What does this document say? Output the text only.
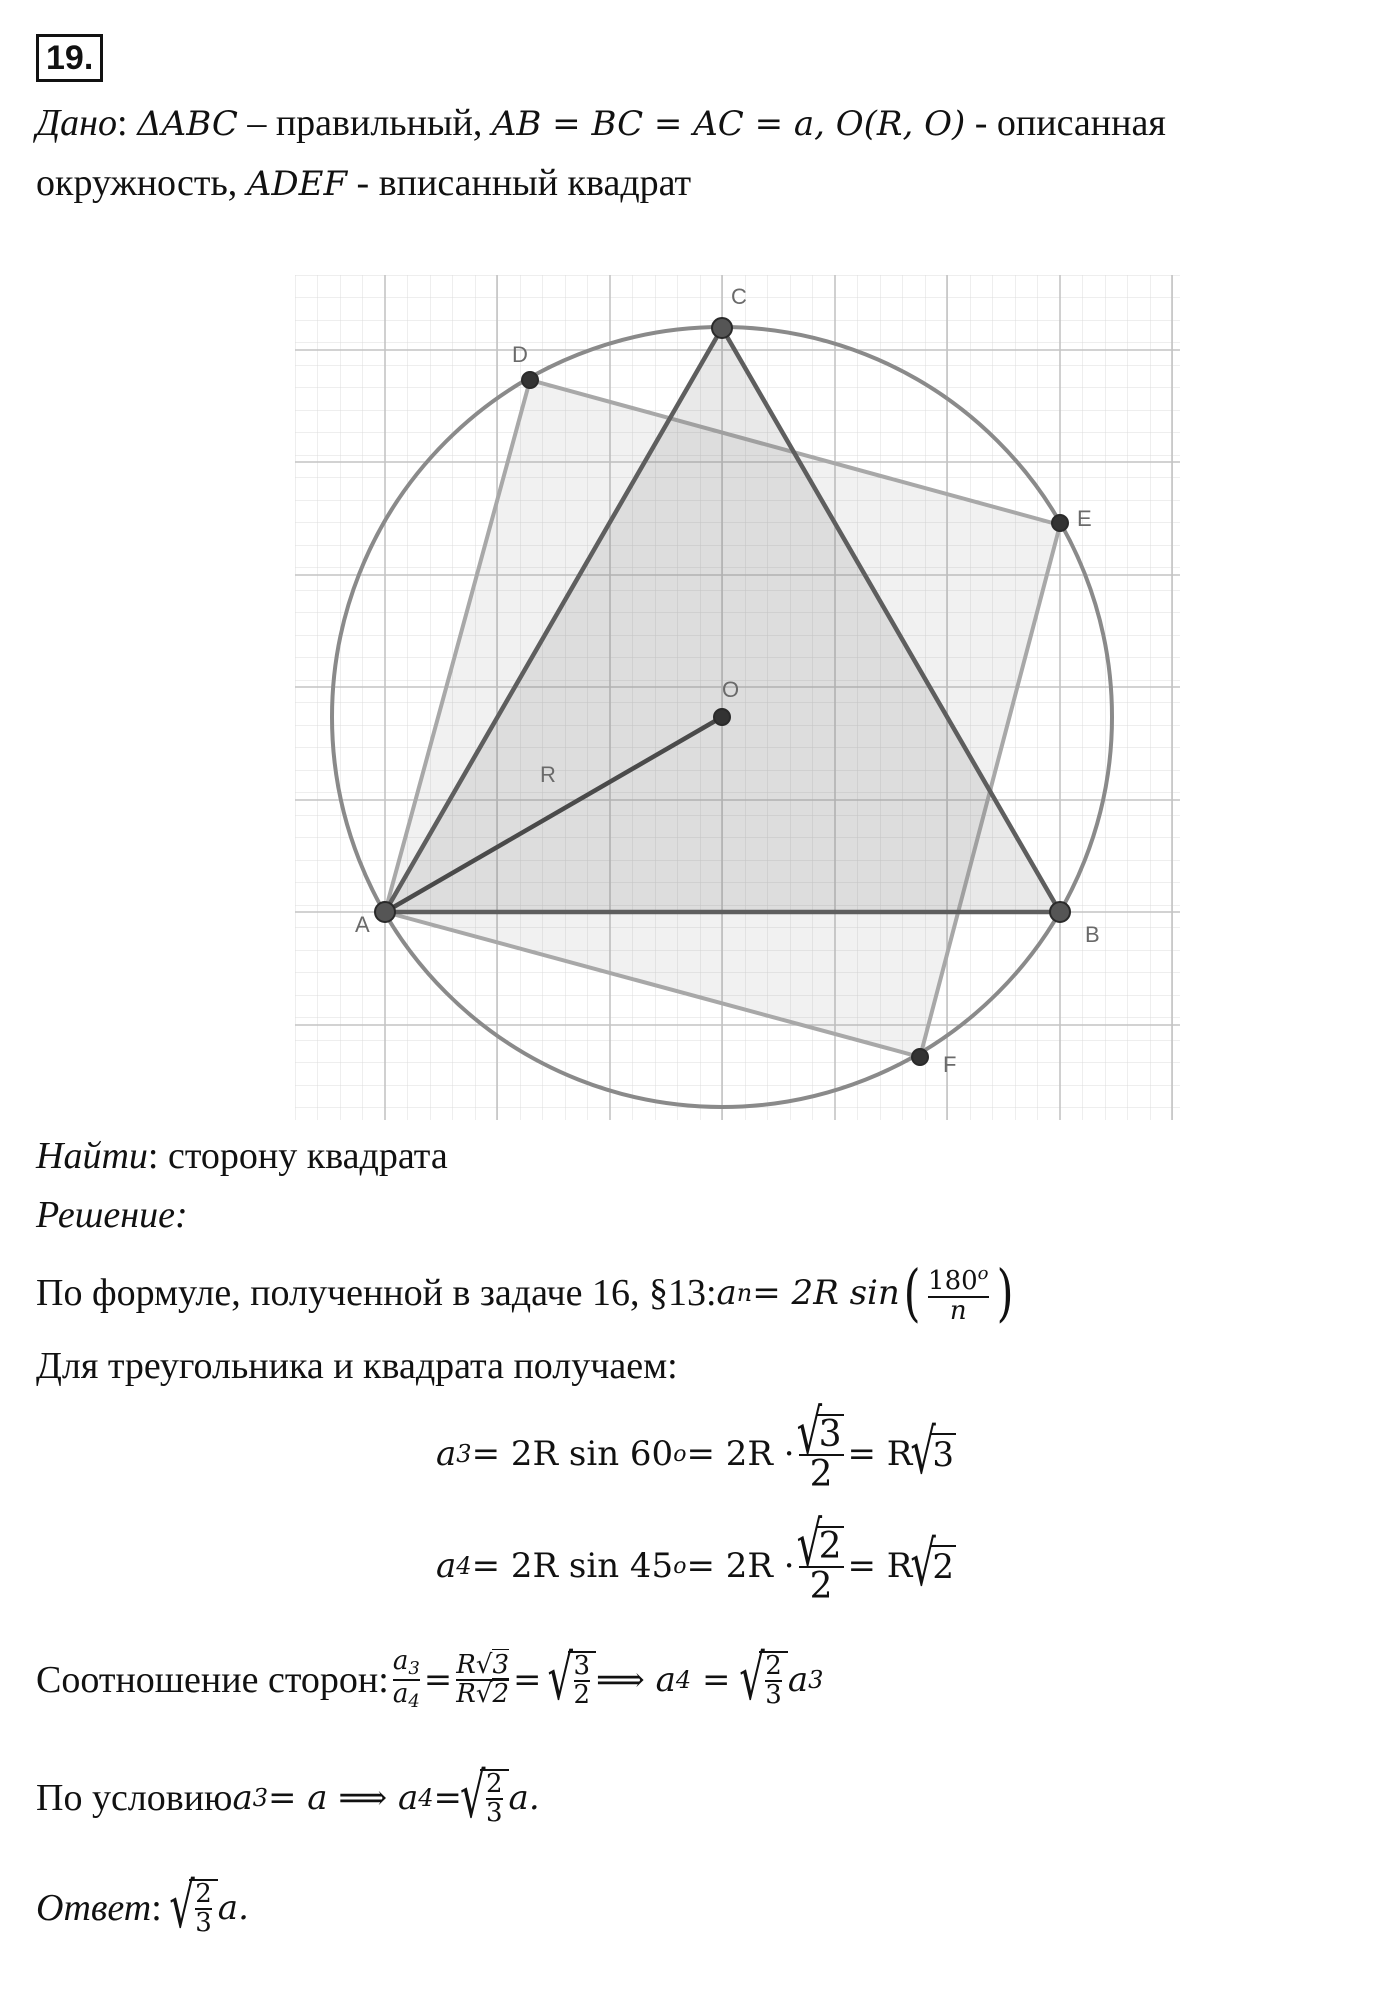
19.
Дано: ΔABC – правильный, AB = BC = AC = a, O(R, O) - описанная
окружность, ADEF - вписанный квадрат
A	B
C
D
E
F
O
R
Найти: сторону квадрата
Решение:
По формуле, полученной в задаче 16, §13: a n = 2R sin ( $\frac{180^o}{n}$ )
Для треугольника и квадрата получаем:
a 3 = 2R sin 60 o = 2R · √ $\frac{3}{2} = R$ √ 3
a 4 = 2R sin 45 o = 2R · √ $\frac{2}{2} = R$ √ 2
Соотношение сторон: $\frac{a3}{a4} = \frac{R√3}{R√2}$ = √ $\frac{3}{2}$ ⟹ a 4 = √ $\frac{2}{3}$ a 3
По условию a 3 = a ⟹ a 4 = √ $\frac{2}{3} a$.
Ответ : √ $\frac{2}{3} a$.
